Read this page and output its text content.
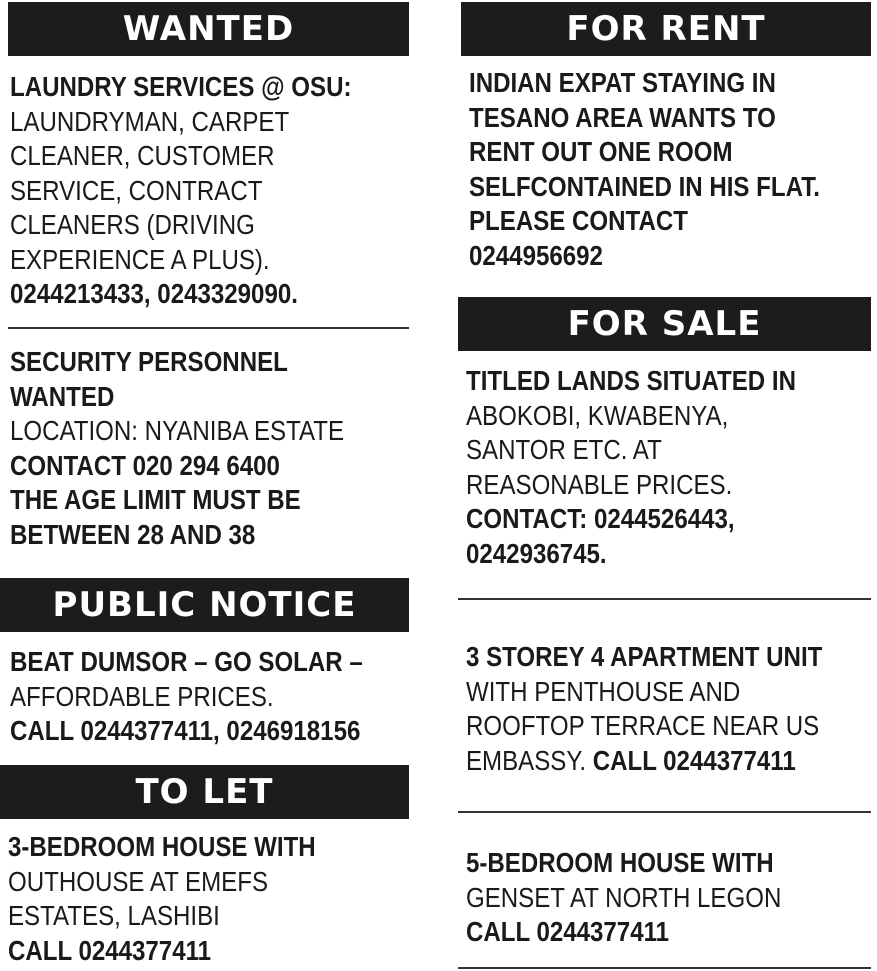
WANTED
LAUNDRY SERVICES @ OSU:
LAUNDRYMAN, CARPET
CLEANER, CUSTOMER
SERVICE, CONTRACT
CLEANERS (DRIVING
EXPERIENCE A PLUS).
0244213433, 0243329090.
SECURITY PERSONNEL
WANTED
LOCATION: NYANIBA ESTATE
CONTACT 020 294 6400
THE AGE LIMIT MUST BE
BETWEEN 28 AND 38
PUBLIC NOTICE
BEAT DUMSOR – GO SOLAR –
AFFORDABLE PRICES.
CALL 0244377411, 0246918156
TO LET
3-BEDROOM HOUSE WITH
OUTHOUSE AT EMEFS
ESTATES, LASHIBI
CALL 0244377411
FOR RENT
INDIAN EXPAT STAYING IN
TESANO AREA WANTS TO
RENT OUT ONE ROOM
SELFCONTAINED IN HIS FLAT.
PLEASE CONTACT
0244956692
FOR SALE
TITLED LANDS SITUATED IN
ABOKOBI, KWABENYA,
SANTOR ETC. AT
REASONABLE PRICES.
CONTACT: 0244526443,
0242936745.
3 STOREY 4 APARTMENT UNIT
WITH PENTHOUSE AND
ROOFTOP TERRACE NEAR US
EMBASSY. CALL 0244377411
5-BEDROOM HOUSE WITH
GENSET AT NORTH LEGON
CALL 0244377411
